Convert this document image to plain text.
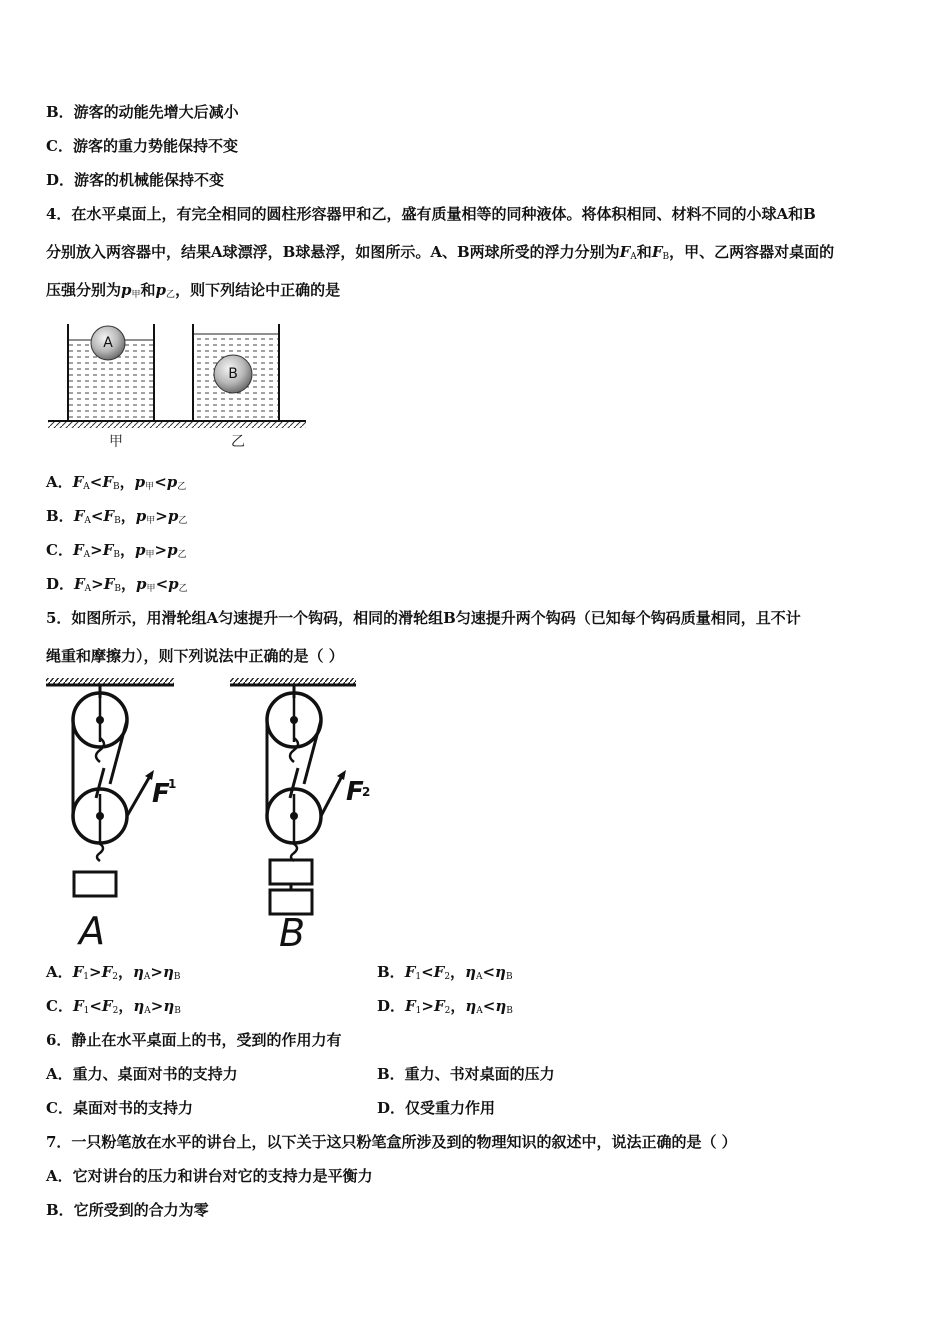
B．游客的动能先增大后减小
C．游客的重力势能保持不变
D．游客的机械能保持不变
4．在水平桌面上，有完全相同的圆柱形容器甲和乙，盛有质量相等的同种液体。将体积相同、材料不同的小球A和B
分别放入两容器中，结果A球漂浮，B球悬浮，如图所示。A、B两球所受的浮力分别为$F_A$和$F_B$，甲、乙两容器对桌面的
压强分别为$p_甲$和$p_乙$，则下列结论中正确的是
A
B
甲	乙
A．$F_A<F_B$，$p_甲<p_乙$
B．$F_A<F_B$，$p_甲>p_乙$
C．$F_A>F_B$，$p_甲>p_乙$
D．$F_A>F_B$，$p_甲<p_乙$
5．如图所示，用滑轮组A匀速提升一个钩码，相同的滑轮组B匀速提升两个钩码（已知每个钩码质量相同，且不计
绳重和摩擦力），则下列说法中正确的是（ ）
F
1
A
F
2
B
A．$F_1>F_2$，$\eta_A>\eta_B$	B．$F_1<F_2$，$\eta_A<\eta_B$
C．$F_1<F_2$，$\eta_A>\eta_B$	D．$F_1>F_2$，$\eta_A<\eta_B$
6．静止在水平桌面上的书，受到的作用力有
A．重力、桌面对书的支持力	B．重力、书对桌面的压力
C．桌面对书的支持力	D．仅受重力作用
7．一只粉笔放在水平的讲台上，以下关于这只粉笔盒所涉及到的物理知识的叙述中，说法正确的是（ ）
A．它对讲台的压力和讲台对它的支持力是平衡力
B．它所受到的合力为零
